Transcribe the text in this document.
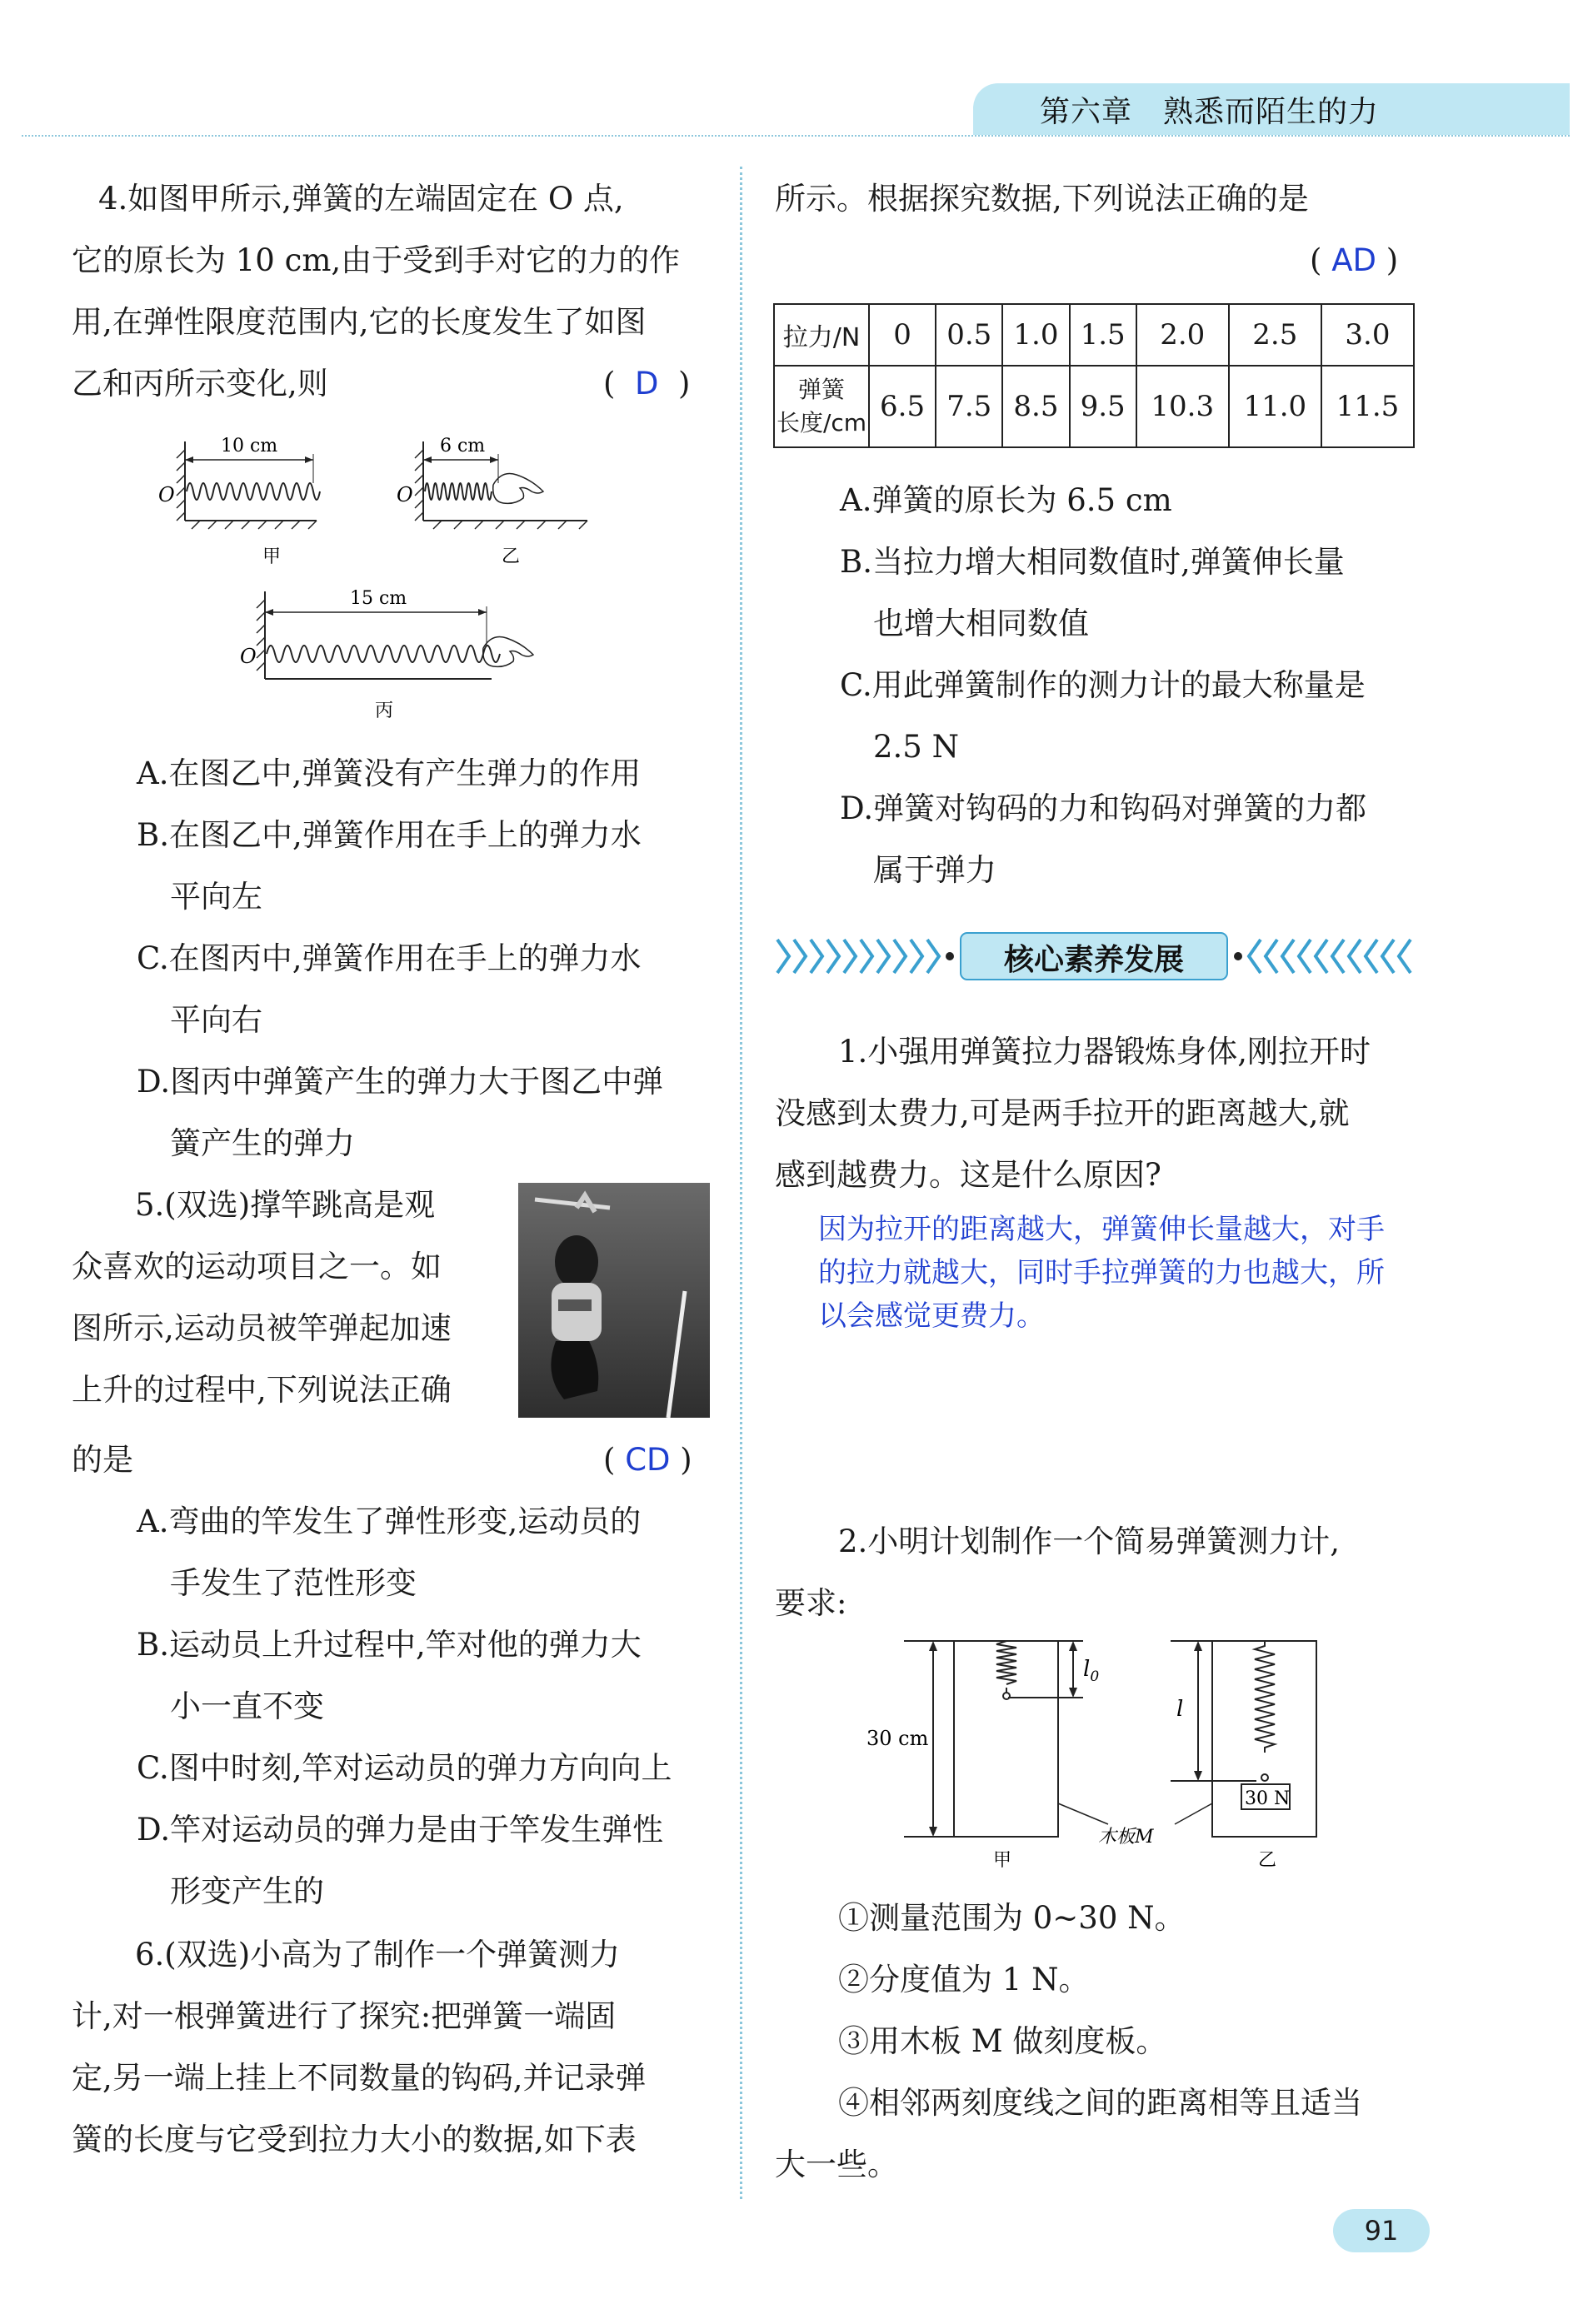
第六章　熟悉而陌生的力
4.如图甲所示,弹簧的左端固定在 O 点,
它的原长为 10 cm,由于受到手对它的力的作
用,在弹性限度范围内,它的长度发生了如图
乙和丙所示变化,则	(  D  )
10 cm	6 cm
15 cm
O	O
O
甲	乙
丙
A.在图乙中,弹簧没有产生弹力的作用
B.在图乙中,弹簧作用在手上的弹力水
平向左
C.在图丙中,弹簧作用在手上的弹力水
平向右
D.图丙中弹簧产生的弹力大于图乙中弹
簧产生的弹力
5.(双选)撑竿跳高是观
众喜欢的运动项目之一。如
图所示,运动员被竿弹起加速
上升的过程中,下列说法正确
的是	( CD )
A.弯曲的竿发生了弹性形变,运动员的
手发生了范性形变
B.运动员上升过程中,竿对他的弹力大
小一直不变
C.图中时刻,竿对运动员的弹力方向向上
D.竿对运动员的弹力是由于竿发生弹性
形变产生的
6.(双选)小高为了制作一个弹簧测力
计,对一根弹簧进行了探究:把弹簧一端固
定,另一端上挂上不同数量的钩码,并记录弹
簧的长度与它受到拉力大小的数据,如下表
所示。根据探究数据,下列说法正确的是
( AD )
拉力/N	0	0.5	1.0	1.5	2.0	2.5	3.0

弹簧
长度/cm	6.5	7.5	8.5	9.5	10.3	11.0	11.5
A.弹簧的原长为 6.5 cm
B.当拉力增大相同数值时,弹簧伸长量
也增大相同数值
C.用此弹簧制作的测力计的最大称量是
2.5 N
D.弹簧对钩码的力和钩码对弹簧的力都
属于弹力
核心素养发展
1.小强用弹簧拉力器锻炼身体,刚拉开时
没感到太费力,可是两手拉开的距离越大,就
感到越费力。这是什么原因?
因为拉开的距离越大，弹簧伸长量越大，对手
的拉力就越大，同时手拉弹簧的力也越大，所
以会感觉更费力。
2.小明计划制作一个简易弹簧测力计,
要求:
30 cm
$l_0$
l
30 N
木板M
甲	乙
①测量范围为 0~30 N。
②分度值为 1 N。
③用木板 M 做刻度板。
④相邻两刻度线之间的距离相等且适当
大一些。
91
